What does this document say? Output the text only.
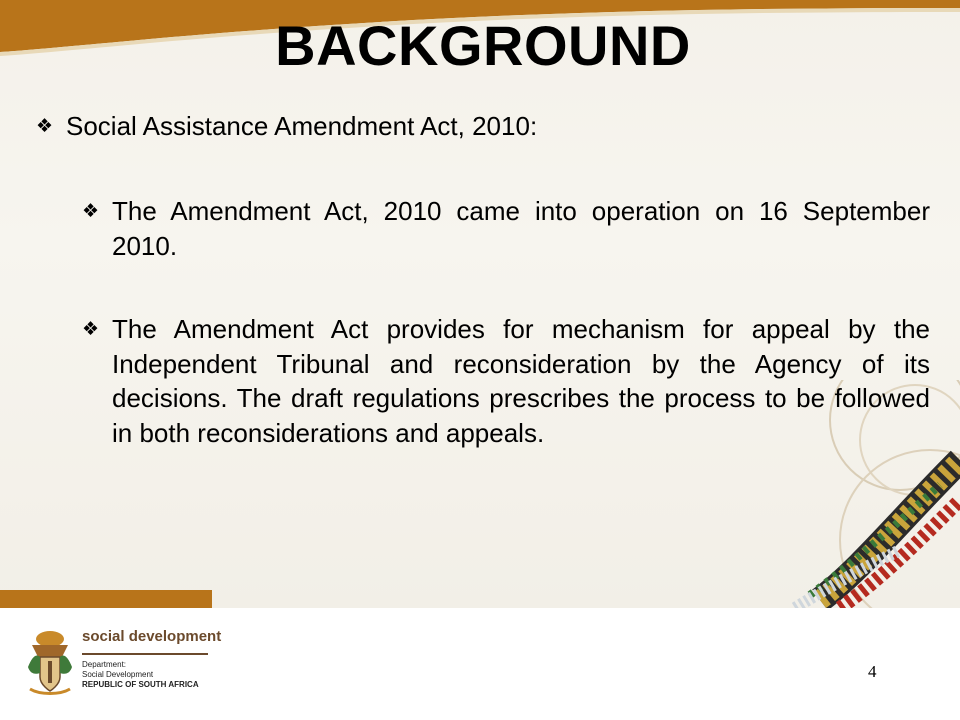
BACKGROUND
❖ Social Assistance Amendment Act, 2010:
❖ The Amendment Act, 2010 came into operation on 16 September 2010.
❖ The Amendment Act provides for mechanism for appeal by the Independent Tribunal and reconsideration by the Agency of its decisions. The draft regulations prescribes the process to be followed in both reconsiderations and appeals.
social development
Department:
Social Development
REPUBLIC OF SOUTH AFRICA
4
